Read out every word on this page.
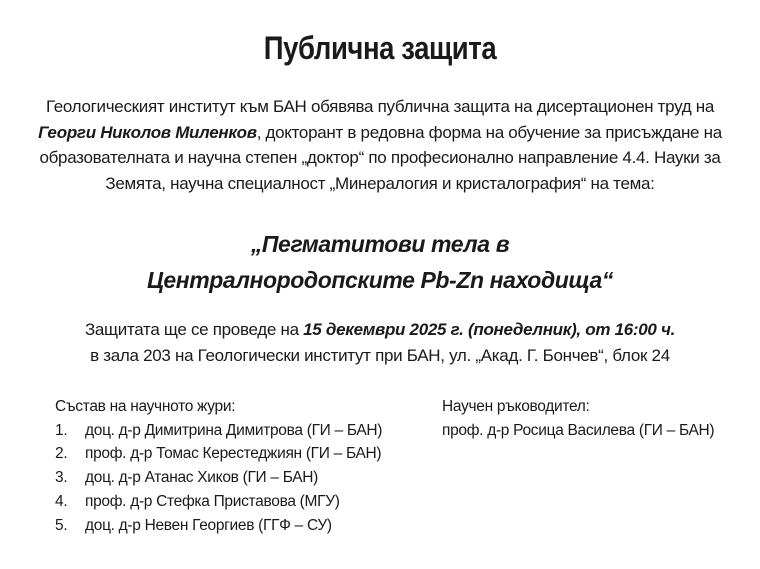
Публична защита
Геологическият институт към БАН обявява публична защита на дисертационен труд на Георги Николов Миленков, докторант в редовна форма на обучение за присъждане на образователната и научна степен „доктор“ по професионално направление 4.4. Науки за Земята, научна специалност „Минералогия и кристалография“ на тема:
„Пегматитови тела в
Централнородопските Pb-Zn находища“
Защитата ще се проведе на 15 декември 2025 г. (понеделник), от 16:00 ч.
в зала 203 на Геологически институт при БАН, ул. „Акад. Г. Бончев“, блок 24
Състав на научното жури:
1.	доц. д-р Димитрина Димитрова (ГИ – БАН)
2.	проф. д-р Томас Керестеджиян (ГИ – БАН)
3.	доц. д-р Атанас Хиков (ГИ – БАН)
4.	проф. д-р Стефка Приставова (МГУ)
5.	доц. д-р Невен Георгиев (ГГФ – СУ)
Научен ръководител:
проф. д-р Росица Василева (ГИ – БАН)
